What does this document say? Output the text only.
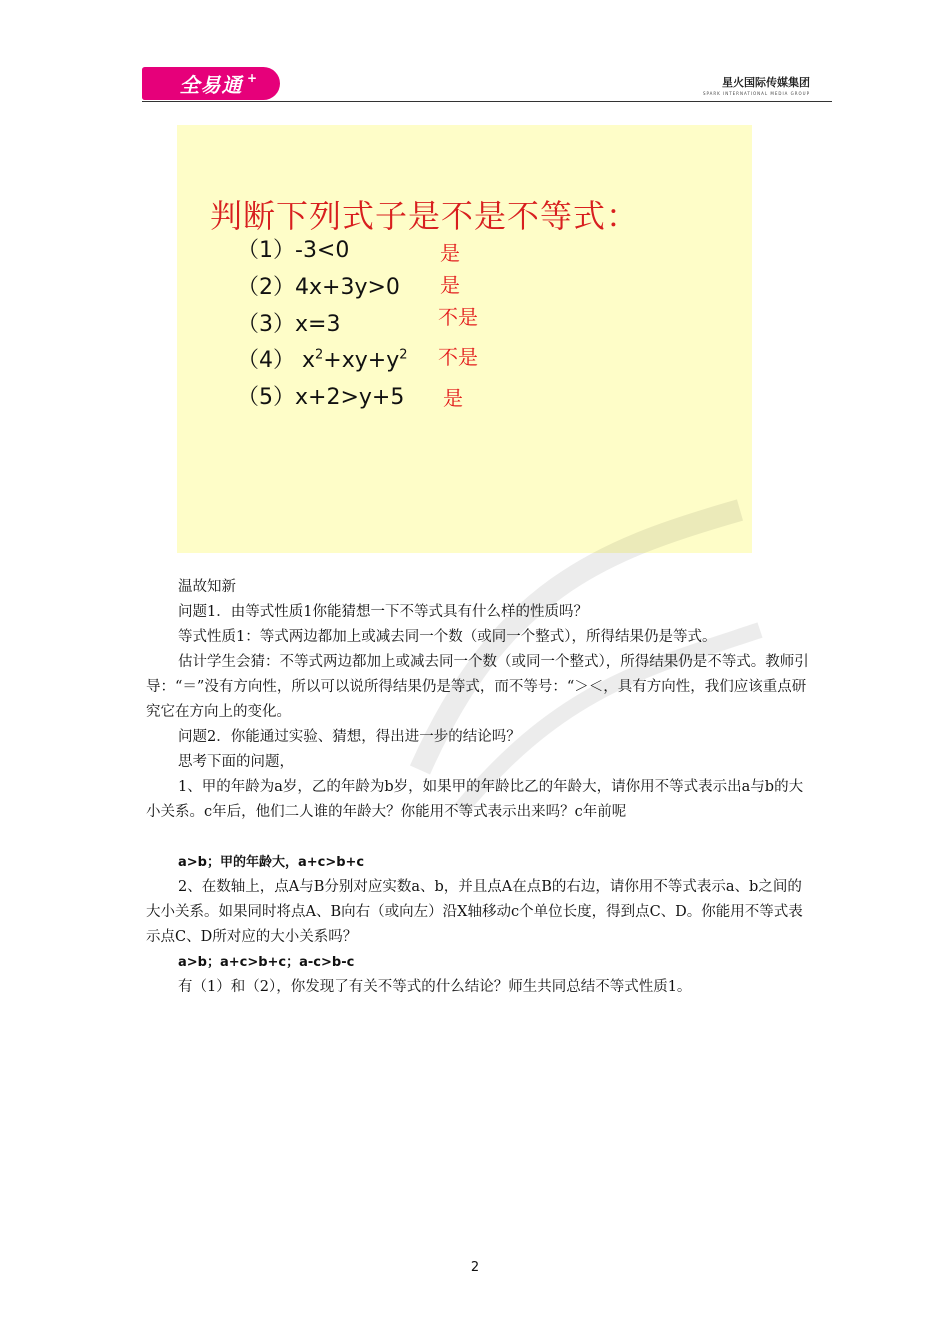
全易通 +	星火国际传媒集团
SPARK INTERNATIONAL MEDIA GROUP
判断下列式子是不是不等式：
（1）-3<0	是
（2）4x+3y>0 是
（3）x=3	不是
（4） $x^2+xy+y^2$ 不是
（5）x+2>y+5 是
温故知新
问题1．由等式性质1你能猜想一下不等式具有什么样的性质吗？
等式性质1：等式两边都加上或减去同一个数（或同一个整式），所得结果仍是等式。
估计学生会猜：不等式两边都加上或减去同一个数（或同一个整式），所得结果仍是不等式。教师引导：“＝”没有方向性，所以可以说所得结果仍是等式，而不等号：“＞＜，具有方向性，我们应该重点研究它在方向上的变化。
问题2．你能通过实验、猜想，得出进一步的结论吗？
思考下面的问题，
1、甲的年龄为a岁，乙的年龄为b岁，如果甲的年龄比乙的年龄大，请你用不等式表示出a与b的大小关系。c年后，他们二人谁的年龄大？你能用不等式表示出来吗？c年前呢
a>b；甲的年龄大，a+c>b+c
2、在数轴上，点A与B分别对应实数a、b，并且点A在点B的右边，请你用不等式表示a、b之间的大小关系。如果同时将点A、B向右（或向左）沿X轴移动c个单位长度，得到点C、D。你能用不等式表示点C、D所对应的大小关系吗？
a>b；a+c>b+c；a-c>b-c
有（1）和（2），你发现了有关不等式的什么结论？师生共同总结不等式性质1。
2
